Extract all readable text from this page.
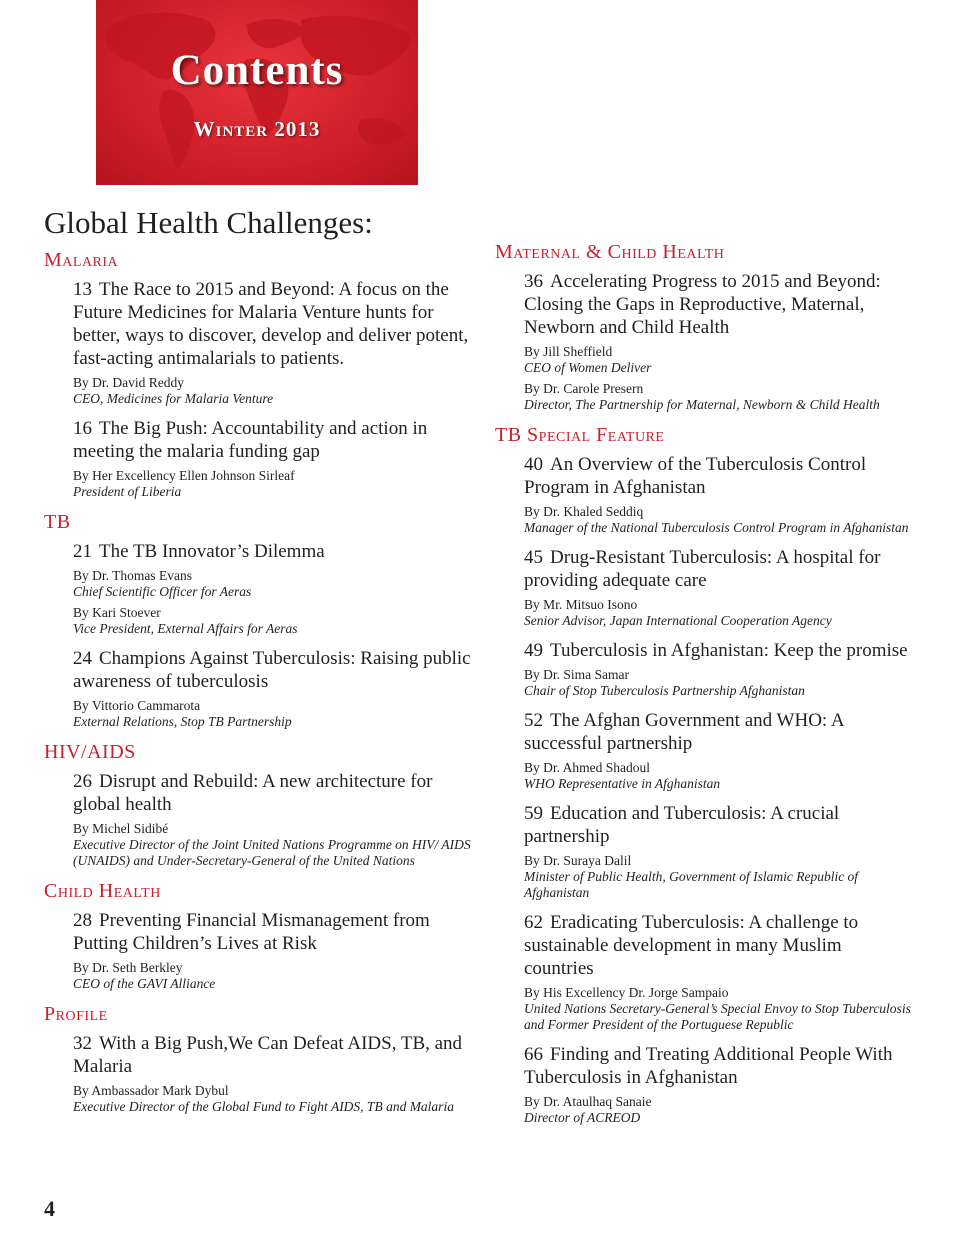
Contents
Winter 2013
Global Health Challenges:
Malaria
13 The Race to 2015 and Beyond: A focus on the Future Medicines for Malaria Venture hunts for better, ways to discover, develop and deliver potent, fast-acting antimalarials to patients.
By Dr. David Reddy
CEO, Medicines for Malaria Venture
16 The Big Push: Accountability and action in meeting the malaria funding gap
By Her Excellency Ellen Johnson Sirleaf
President of Liberia
TB
21 The TB Innovator’s Dilemma
By Dr. Thomas Evans
Chief Scientific Officer for Aeras
By Kari Stoever
Vice President, External Affairs for Aeras
24 Champions Against Tuberculosis: Raising public awareness of tuberculosis
By Vittorio Cammarota
External Relations, Stop TB Partnership
HIV/AIDS
26 Disrupt and Rebuild: A new architecture for global health
By Michel Sidibé
Executive Director of the Joint United Nations Programme on HIV/ AIDS (UNAIDS) and Under-Secretary-General of the United Nations
Child Health
28 Preventing Financial Mismanagement from Putting Children’s Lives at Risk
By Dr. Seth Berkley
CEO of the GAVI Alliance
Profile
32 With a Big Push,We Can Defeat AIDS, TB, and Malaria
By Ambassador Mark Dybul
Executive Director of the Global Fund to Fight AIDS, TB and Malaria
Maternal & Child Health
36 Accelerating Progress to 2015 and Beyond: Closing the Gaps in Reproductive, Maternal, Newborn and Child Health
By Jill Sheffield
CEO of Women Deliver
By Dr. Carole Presern
Director, The Partnership for Maternal, Newborn & Child Health
TB Special Feature
40 An Overview of the Tuberculosis Control Program in Afghanistan
By Dr. Khaled Seddiq
Manager of the National Tuberculosis Control Program in Afghanistan
45 Drug-Resistant Tuberculosis: A hospital for providing adequate care
By Mr. Mitsuo Isono
Senior Advisor, Japan International Cooperation Agency
49 Tuberculosis in Afghanistan: Keep the promise
By Dr. Sima Samar
Chair of Stop Tuberculosis Partnership Afghanistan
52 The Afghan Government and WHO: A successful partnership
By Dr. Ahmed Shadoul
WHO Representative in Afghanistan
59 Education and Tuberculosis: A crucial partnership
By Dr. Suraya Dalil
Minister of Public Health, Government of Islamic Republic of Afghanistan
62 Eradicating Tuberculosis: A challenge to sustainable development in many Muslim countries
By His Excellency Dr. Jorge Sampaio
United Nations Secretary-General’s Special Envoy to Stop Tuberculosis and Former President of the Portuguese Republic
66 Finding and Treating Additional People With Tuberculosis in Afghanistan
By Dr. Ataulhaq Sanaie
Director of ACREOD
4
